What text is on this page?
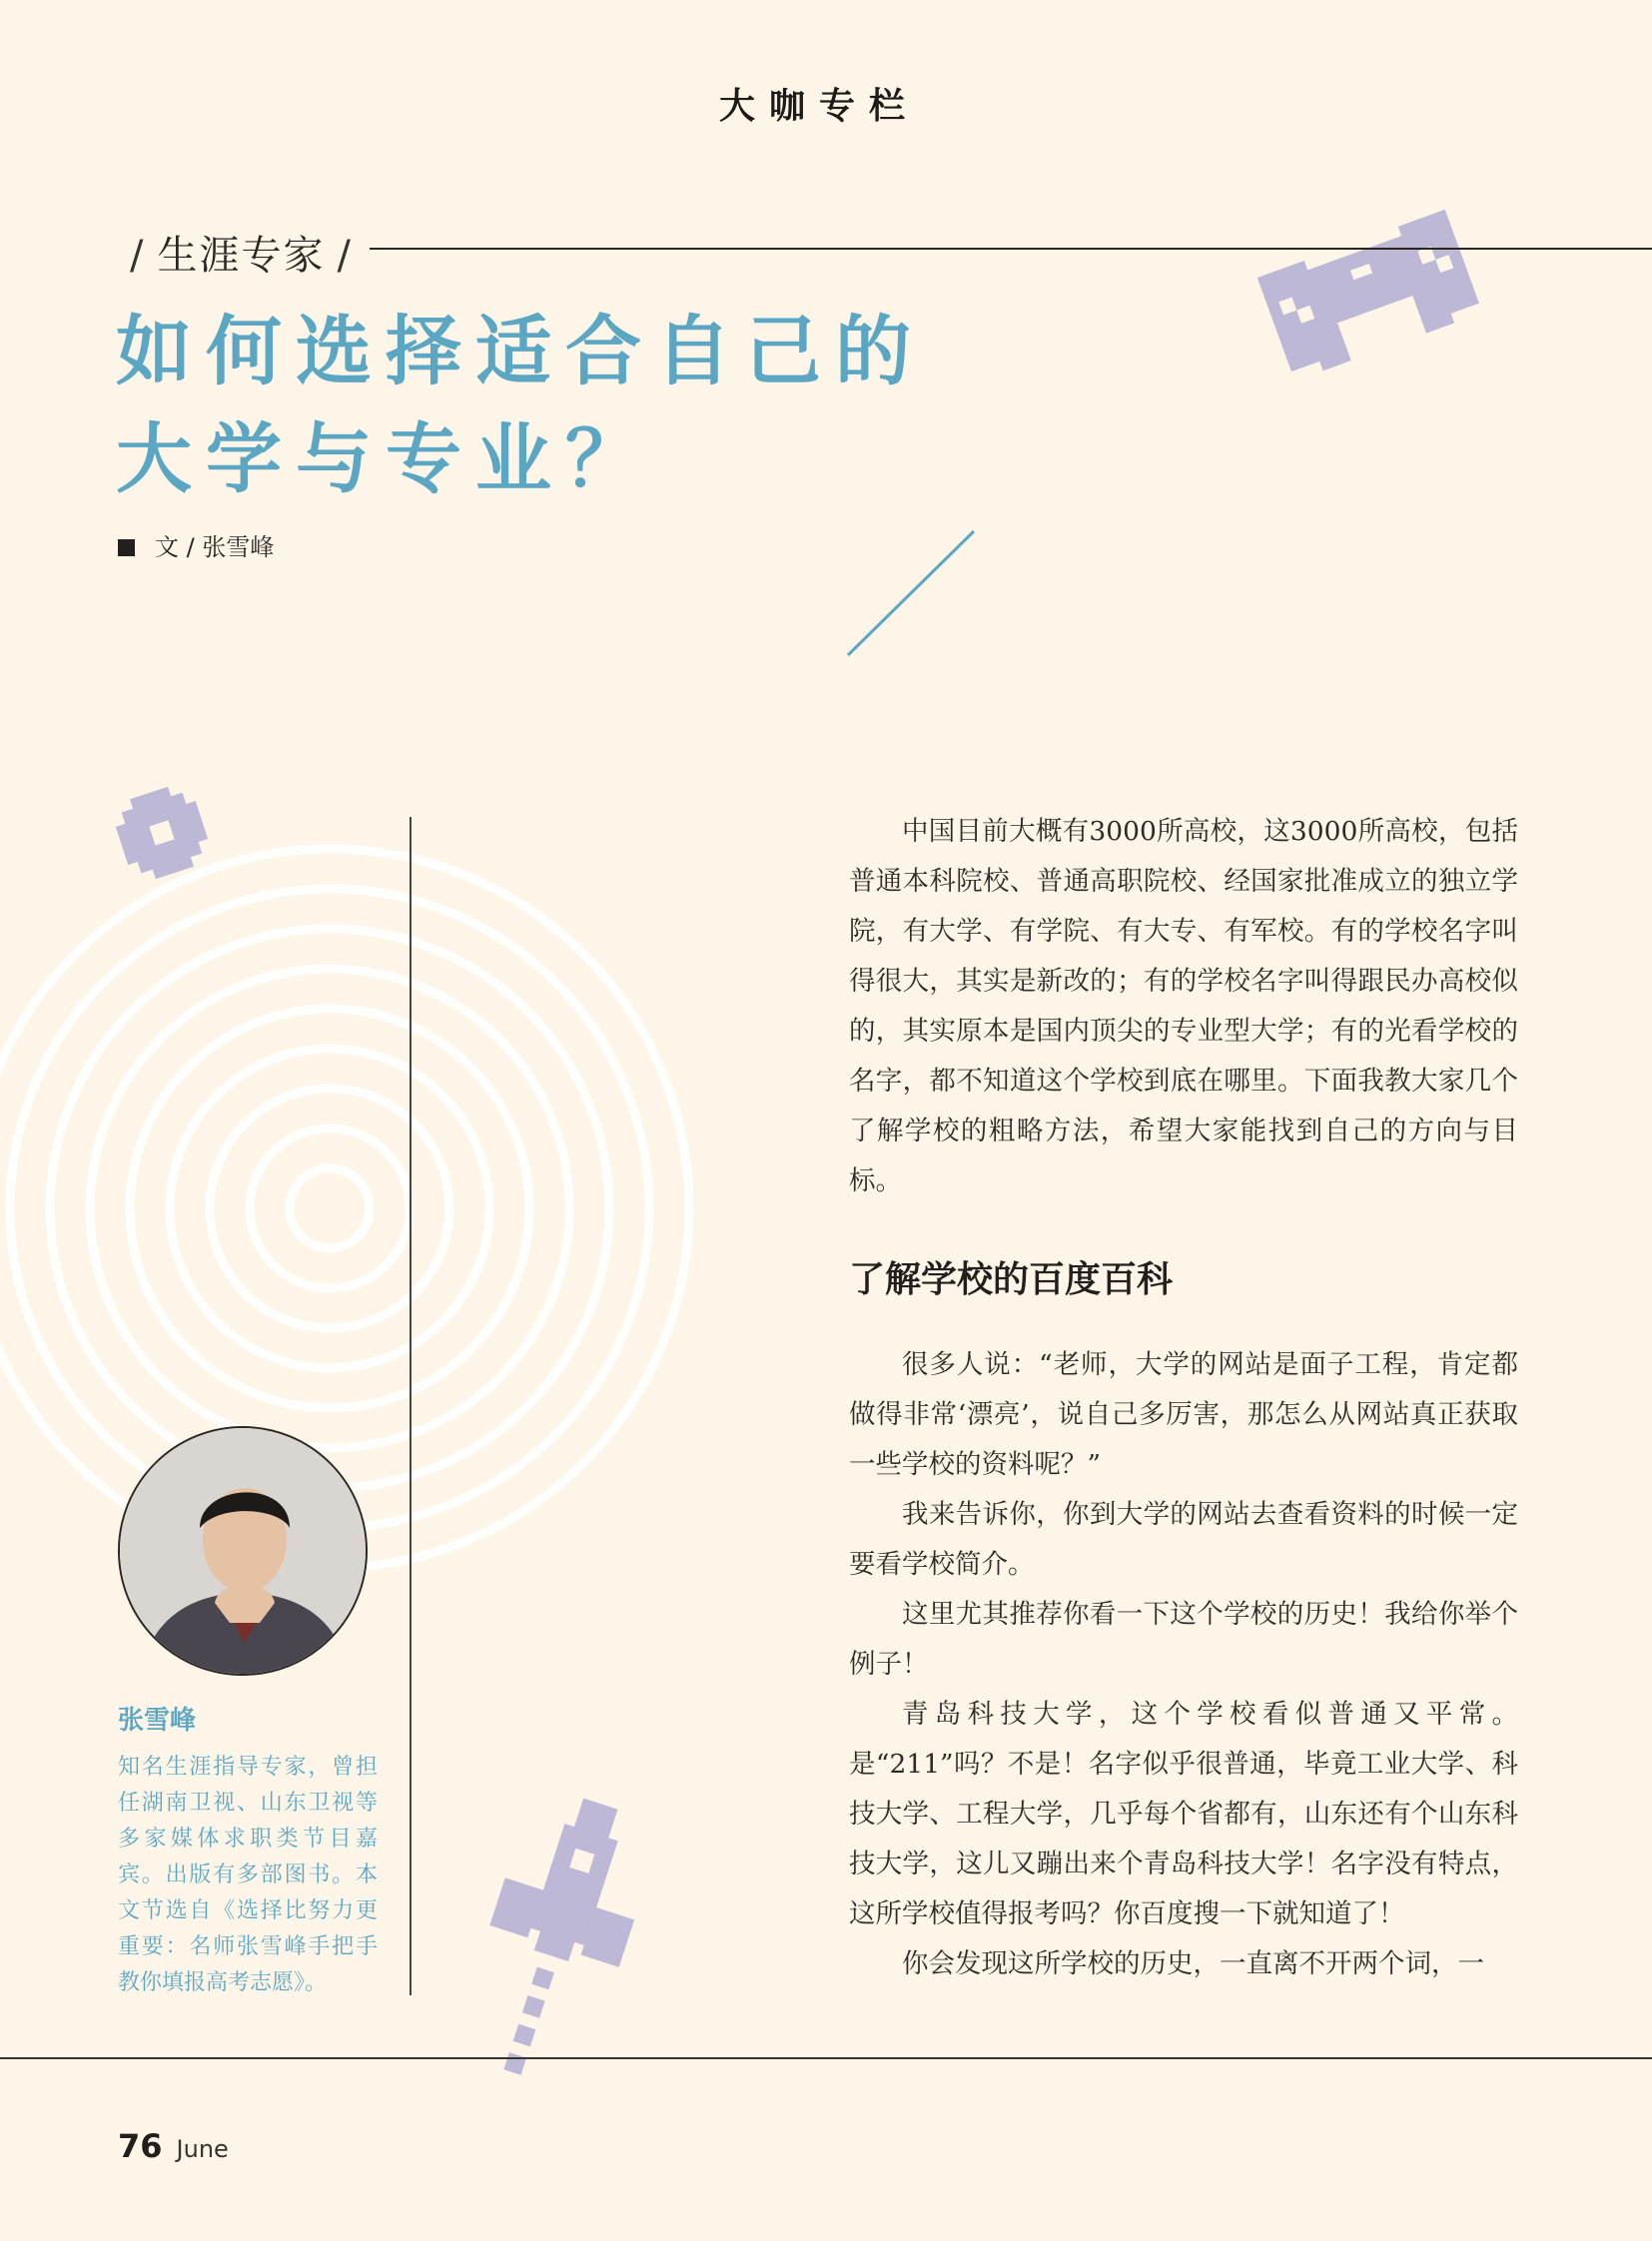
大咖专栏
/ 生涯专家 /
如何选择适合自己的
大学与专业？
文 / 张雪峰
张雪峰
知名生涯指导专家，曾担任湖南卫视、山东卫视等多家媒体求职类节目嘉宾。出版有多部图书。本文节选自《选择比努力更重要：名师张雪峰手把手教你填报高考志愿》。

中国目前大概有3000所高校，这3000所高校，包括普通本科院校、普通高职院校、经国家批准成立的独立学院，有大学、有学院、有大专、有军校。有的学校名字叫得很大，其实是新改的；有的学校名字叫得跟民办高校似的，其实原本是国内顶尖的专业型大学；有的光看学校的名字，都不知道这个学校到底在哪里。下面我教大家几个了解学校的粗略方法，希望大家能找到自己的方向与目标。

了解学校的百度百科

很多人说：“老师，大学的网站是面子工程，肯定都做得非常‘漂亮’，说自己多厉害，那怎么从网站真正获取一些学校的资料呢？”

我来告诉你，你到大学的网站去查看资料的时候一定要看学校简介。

这里尤其推荐你看一下这个学校的历史！我给你举个例子！

青岛科技大学，这个学校看似普通又平常。是“211”吗？不是！名字似乎很普通，毕竟工业大学、科技大学、工程大学，几乎每个省都有，山东还有个山东科技大学，这儿又蹦出来个青岛科技大学！名字没有特点，这所学校值得报考吗？你百度搜一下就知道了！

你会发现这所学校的历史，一直离不开两个词，一

76 June
